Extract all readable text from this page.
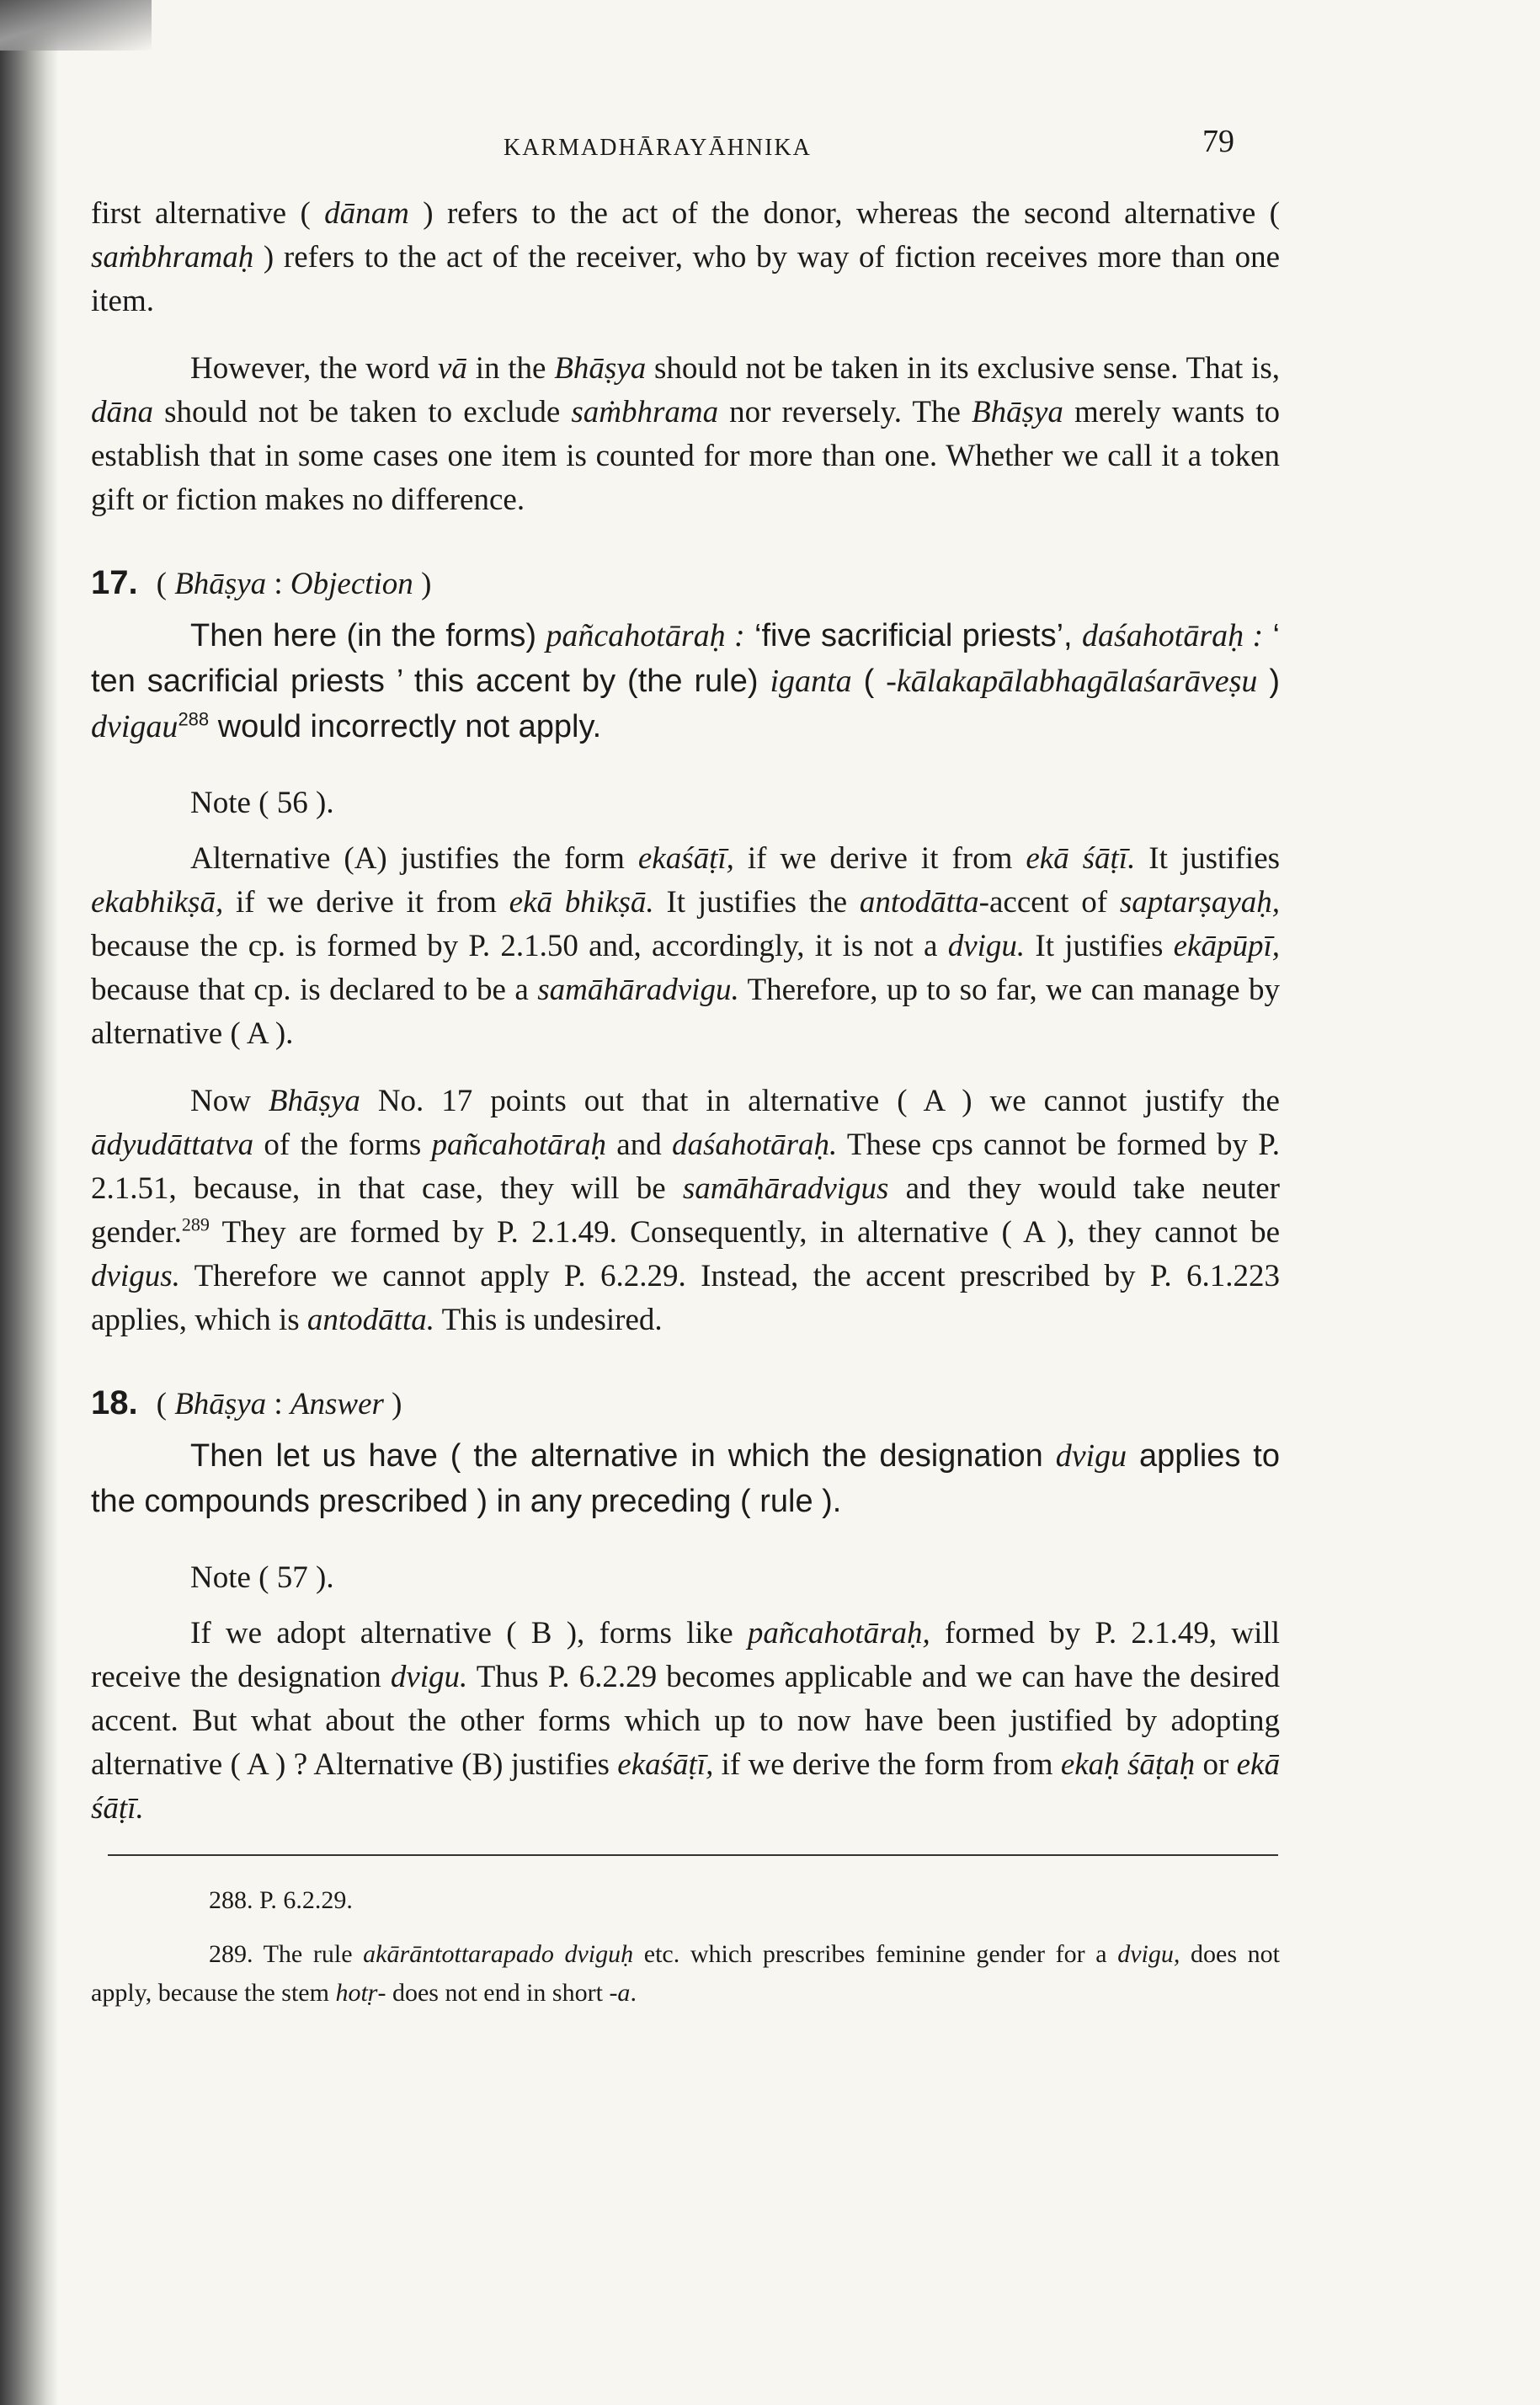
KARMADHĀRAYĀHNIKA	79

first alternative ( dānam ) refers to the act of the donor, whereas the second alternative ( saṁbhramaḥ ) refers to the act of the receiver, who by way of fiction receives more than one item.

However, the word vā in the Bhāṣya should not be taken in its exclusive sense. That is, dāna should not be taken to exclude saṁbhrama nor reversely. The Bhāṣya merely wants to establish that in some cases one item is counted for more than one. Whether we call it a token gift or fiction makes no difference.

17. ( Bhāṣya : Objection )

Then here (in the forms) pañcahotāraḥ : ‘five sacrificial priests’, daśahotāraḥ : ‘ ten sacrificial priests ’ this accent by (the rule) iganta ( -kālakapālabhagālaśarāveṣu ) dvigau$^{288}$ would incorrectly not apply.

Note ( 56 ).

Alternative (A) justifies the form ekaśāṭī, if we derive it from ekā śāṭī. It justifies ekabhikṣā, if we derive it from ekā bhikṣā. It justifies the antodātta-accent of saptarṣayaḥ, because the cp. is formed by P. 2.1.50 and, accordingly, it is not a dvigu. It justifies ekāpūpī, because that cp. is declared to be a samāhāradvigu. Therefore, up to so far, we can manage by alternative ( A ).

Now Bhāṣya No. 17 points out that in alternative ( A ) we cannot justify the ādyudāttatva of the forms pañcahotāraḥ and daśahotāraḥ. These cps cannot be formed by P. 2.1.51, because, in that case, they will be samāhāradvigus and they would take neuter gender.$^{289}$ They are formed by P. 2.1.49. Consequently, in alternative ( A ), they cannot be dvigus. Therefore we cannot apply P. 6.2.29. Instead, the accent prescribed by P. 6.1.223 applies, which is antodātta. This is undesired.

18. ( Bhāṣya : Answer )

Then let us have ( the alternative in which the designation dvigu applies to the compounds prescribed ) in any preceding ( rule ).

Note ( 57 ).

If we adopt alternative ( B ), forms like pañcahotāraḥ, formed by P. 2.1.49, will receive the designation dvigu. Thus P. 6.2.29 becomes applicable and we can have the desired accent. But what about the other forms which up to now have been justified by adopting alternative ( A ) ? Alternative (B) justifies ekaśāṭī, if we derive the form from ekaḥ śāṭaḥ or ekā śāṭī.

288. P. 6.2.29.

289. The rule akārāntottarapado dviguḥ etc. which prescribes feminine gender for a dvigu, does not apply, because the stem hotṛ- does not end in short -a.
